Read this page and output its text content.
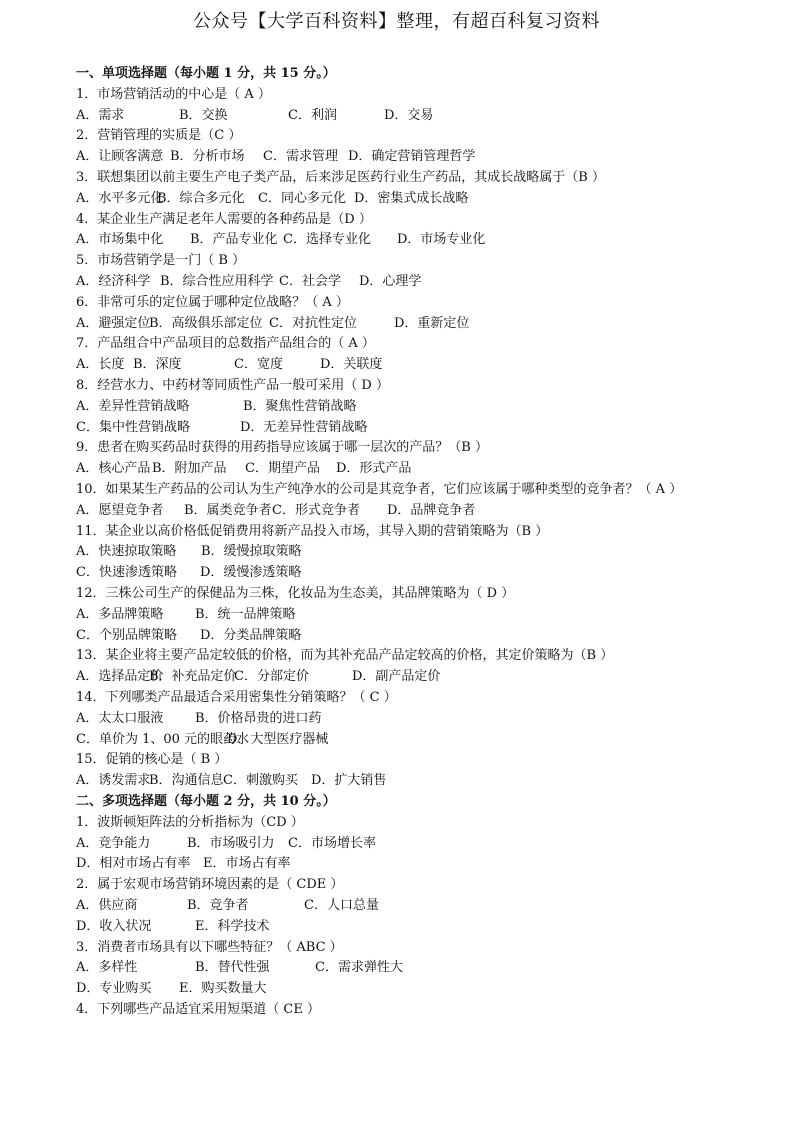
公众号【大学百科资料】整理，有超百科复习资料
一、单项选择题（每小题 1 分，共 15 分。）
1．市场营销活动的中心是（ A ）
A．需求	B．交换	C．利润	D．交易
2．营销管理的实质是（C ）
A．让顾客满意 B．分析市场 C．需求管理 D．确定营销管理哲学
3．联想集团以前主要生产电子类产品，后来涉足医药行业生产药品，其成长战略属于（B ）
A．水平多元化
B．综合多元化 C．同心多元化 D．密集式成长战略
4．某企业生产满足老年人需要的各种药品是（D ）
A．市场集中化 B．产品专业化 C．选择专业化 D．市场专业化
5．市场营销学是一门（ B ）
A．经济科学 B．综合性应用科学 C．社会学 D．心理学
6．非常可乐的定位属于哪种定位战略？（ A ）
A．避强定位
B．高级俱乐部定位 C．对抗性定位	D．重新定位
7．产品组合中产品项目的总数指产品组合的（ A ）
A．长度 B．深度	C．宽度	D．关联度
8．经营水力、中药材等同质性产品一般可采用（ D ）
A．差异性营销战略	B．聚焦性营销战略
C．集中性营销战略	D．无差异性营销战略
9．患者在购买药品时获得的用药指导应该属于哪一层次的产品？（B ）
A．核心产品 B．附加产品 C．期望产品 D．形式产品
10．如果某生产药品的公司认为生产纯净水的公司是其竞争者，它们应该属于哪种类型的竞争者？（ A ）
A．愿望竞争者 B．属类竞争者 C．形式竞争者 D．品牌竞争者
11．某企业以高价格低促销费用将新产品投入市场，其导入期的营销策略为（B ）
A．快速掠取策略 B．缓慢掠取策略
C．快速渗透策略 D．缓慢渗透策略
12．三株公司生产的保健品为三株，化妆品为生态美，其品牌策略为（ D ）
A．多品牌策略 B．统一品牌策略
C．个别品牌策略 D．分类品牌策略
13．某企业将主要产品定较低的价格，而为其补充品产品定较高的价格，其定价策略为（B ）
A．选择品定价
B．补充品定价
C．分部定价	D．副产品定价
14．下列哪类产品最适合采用密集性分销策略？（ C ）
A．太太口服液 B．价格昂贵的进口药
C．单价为 1、00 元的眼药水
D．大型医疗器械
15．促销的核心是（ B ）
A．诱发需求
B．沟通信息 C．刺激购买 D．扩大销售
二、多项选择题（每小题 2 分，共 10 分。）
1．波斯顿矩阵法的分析指标为（CD ）
A．竞争能力	B．市场吸引力 C．市场增长率
D．相对市场占有率 E．市场占有率
2．属于宏观市场营销环境因素的是（ CDE ）
A．供应商	B．竞争者	C．人口总量
D．收入状况	E．科学技术
3．消费者市场具有以下哪些特征？（ ABC ）
A．多样性	B．替代性强	C．需求弹性大
D．专业购买 E．购买数量大
4．下列哪些产品适宜采用短渠道（ CE ）
